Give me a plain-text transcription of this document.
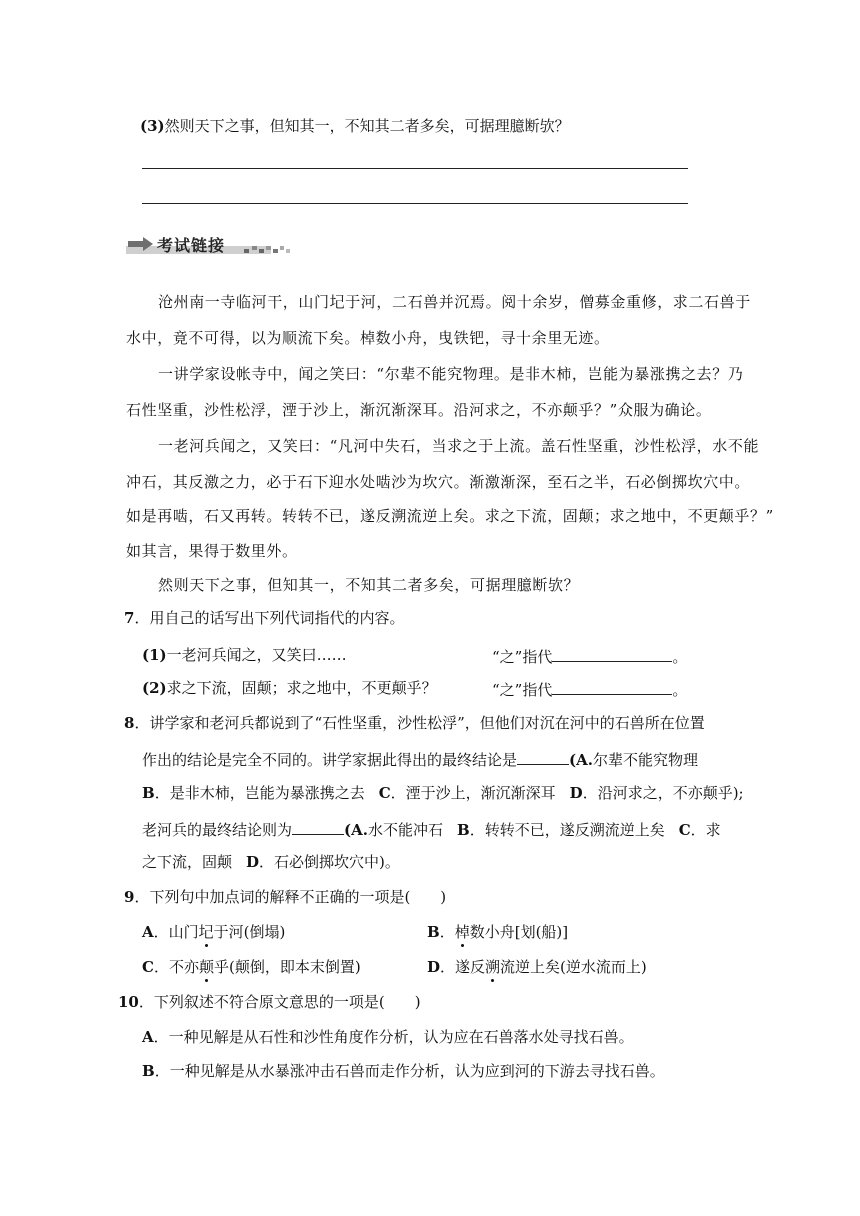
(3)然则天下之事，但知其一，不知其二者多矣，可据理臆断欤？
考试链接
沧州南一寺临河干，山门圮于河，二石兽并沉焉。阅十余岁，僧募金重修，求二石兽于
水中，竟不可得，以为顺流下矣。棹数小舟，曳铁钯，寻十余里无迹。
一讲学家设帐寺中，闻之笑曰：“尔辈不能究物理。是非木柿，岂能为暴涨携之去？乃
石性坚重，沙性松浮，湮于沙上，渐沉渐深耳。沿河求之，不亦颠乎？”众服为确论。
一老河兵闻之，又笑曰：“凡河中失石，当求之于上流。盖石性坚重，沙性松浮，水不能
冲石，其反激之力，必于石下迎水处啮沙为坎穴。渐激渐深，至石之半，石必倒掷坎穴中。
如是再啮，石又再转。转转不已，遂反溯流逆上矣。求之下流，固颠；求之地中，不更颠乎？”
如其言，果得于数里外。
然则天下之事，但知其一，不知其二者多矣，可据理臆断欤？
7．用自己的话写出下列代词指代的内容。
(1)一老河兵闻之，又笑曰……	“之”指代	。
(2)求之下流，固颠；求之地中，不更颠乎？	“之”指代	。
8．讲学家和老河兵都说到了“石性坚重，沙性松浮”，但他们对沉在河中的石兽所在位置
作出的结论是完全不同的。讲学家据此得出的最终结论是	(A.尔辈不能究物理
B．是非木柿，岂能为暴涨携之去 C．湮于沙上，渐沉渐深耳 D．沿河求之，不亦颠乎);
老河兵的最终结论则为	(A.水不能冲石 B．转转不已，遂反溯流逆上矣 C．求
之下流，固颠 D．石必倒掷坎穴中)。
9．下列句中加点词的解释不正确的一项是(　　)
A．山门圮于河(倒塌)	B．棹数小舟[划(船)]
C．不亦颠乎(颠倒，即本末倒置)	D．遂反溯流逆上矣(逆水流而上)
10．下列叙述不符合原文意思的一项是(　　)
A．一种见解是从石性和沙性角度作分析，认为应在石兽落水处寻找石兽。
B．一种见解是从水暴涨冲击石兽而走作分析，认为应到河的下游去寻找石兽。
